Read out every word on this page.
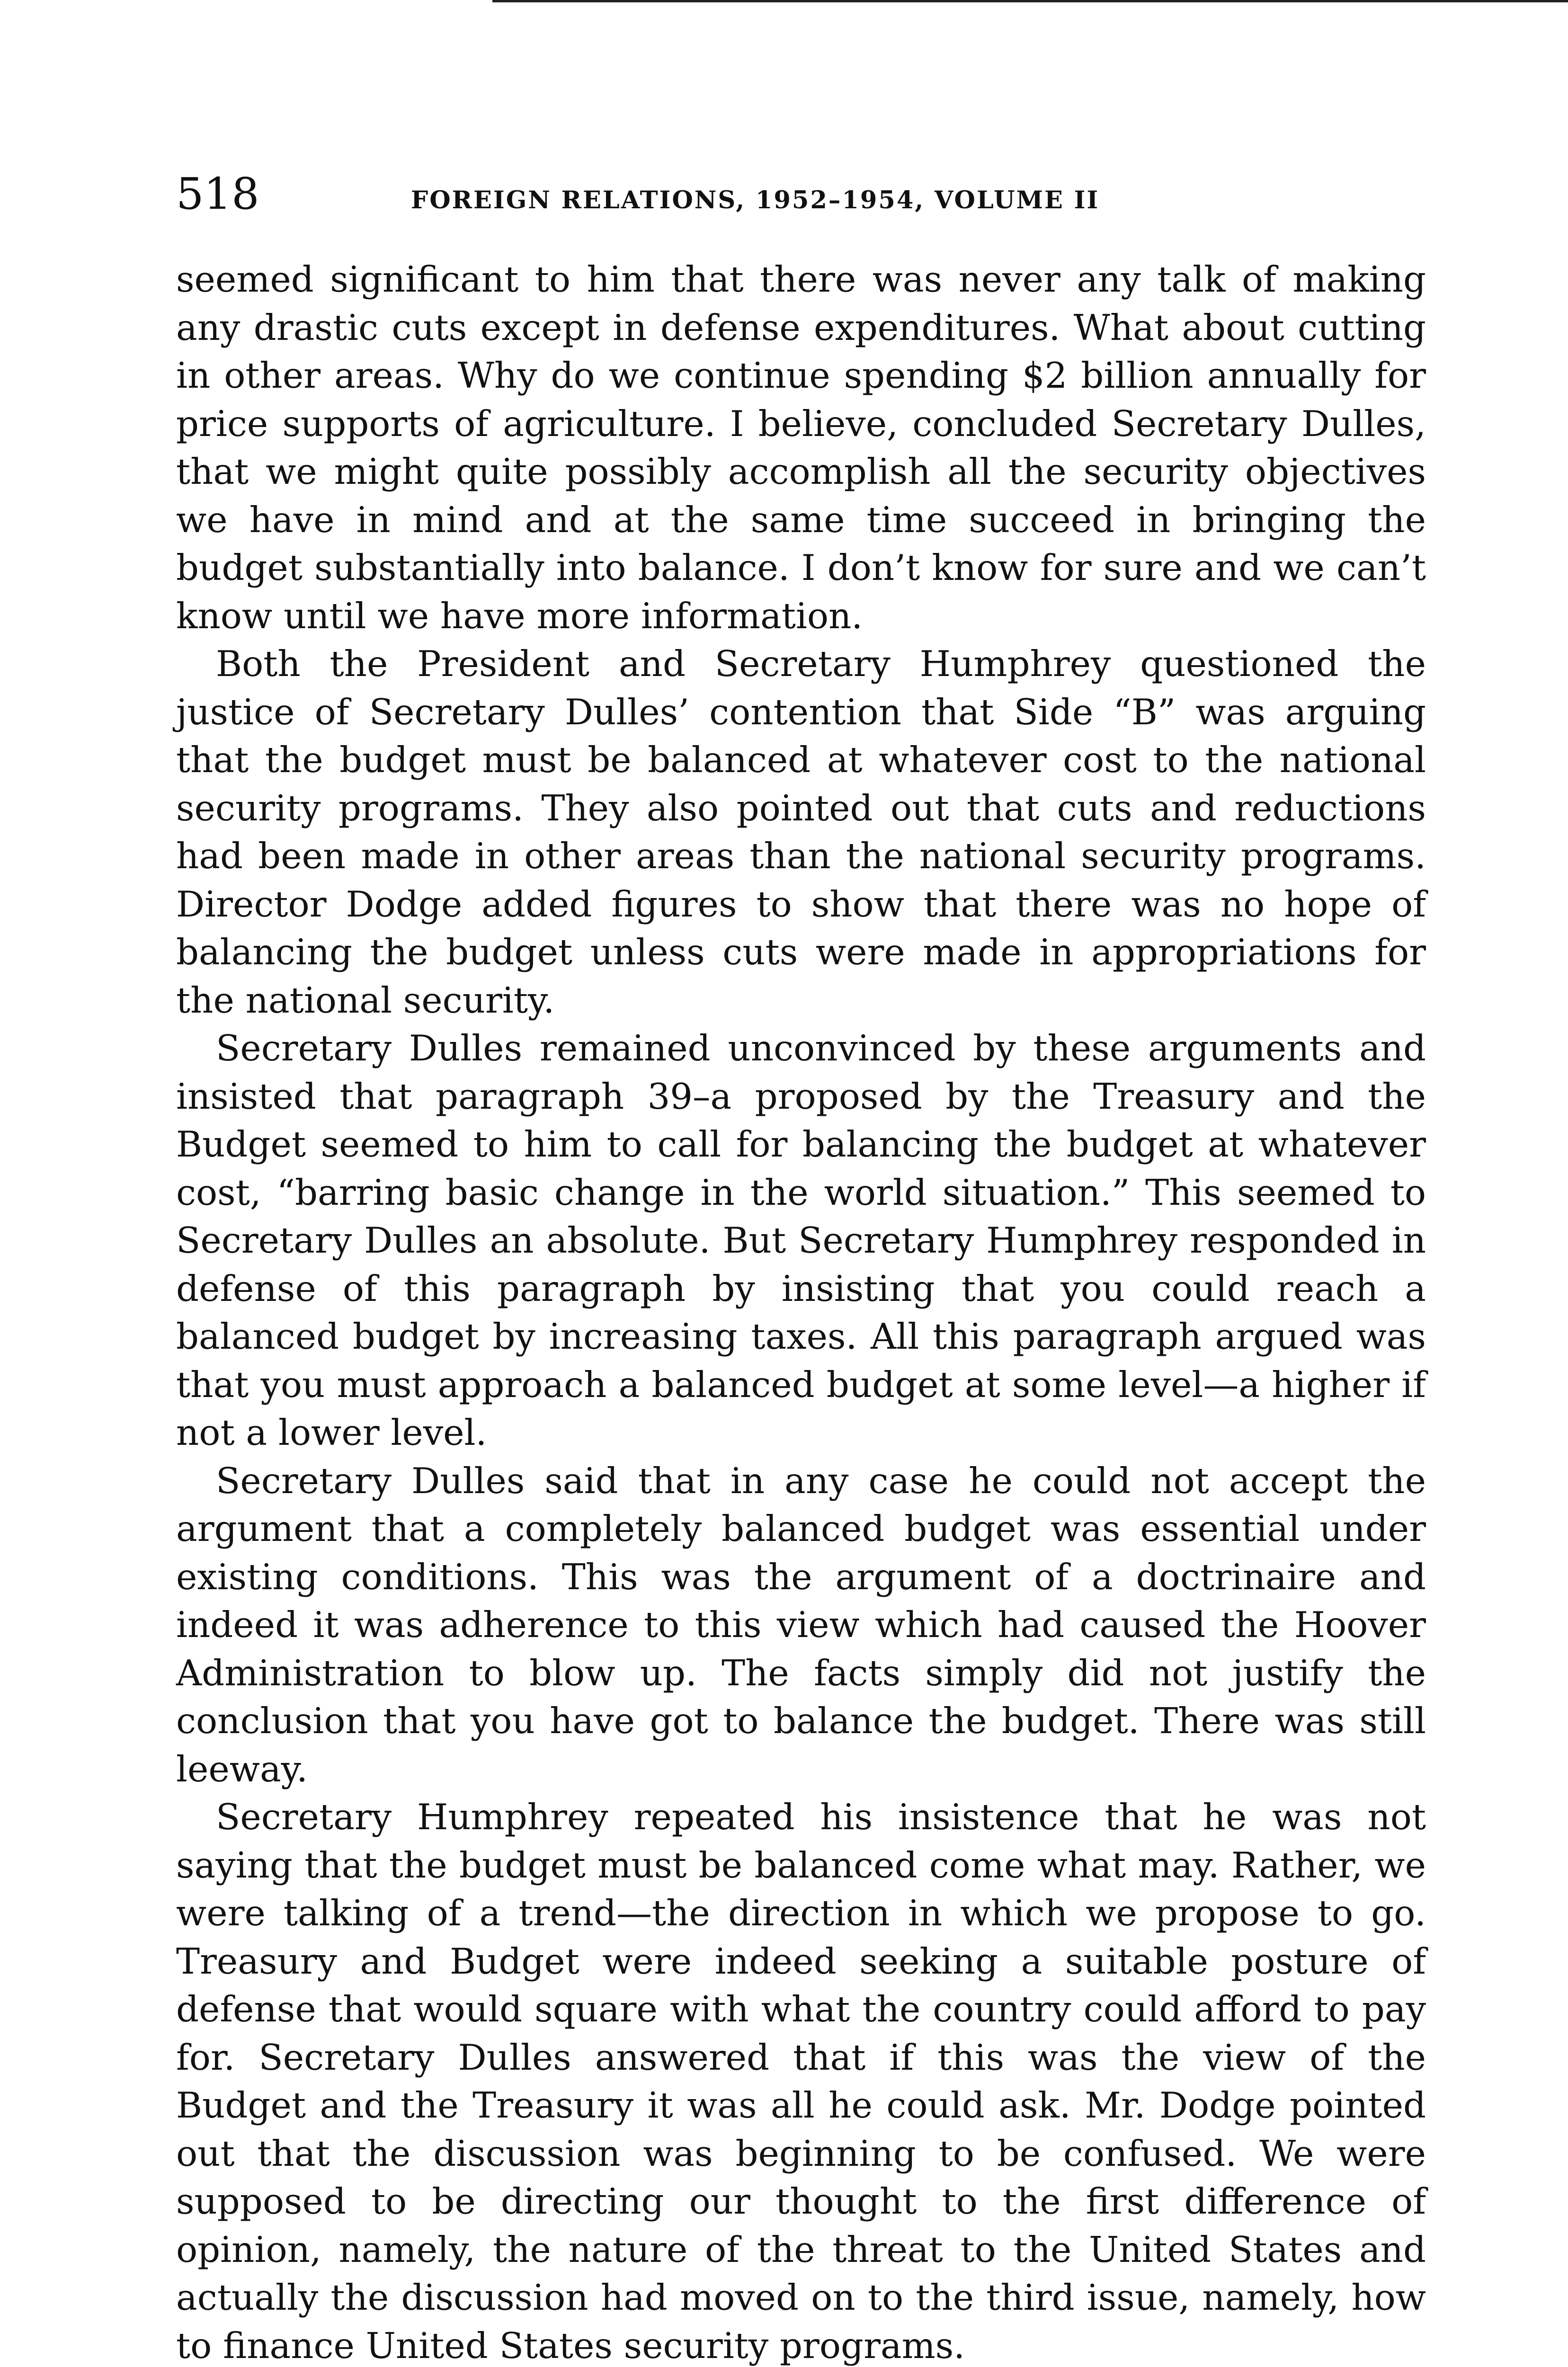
518	FOREIGN RELATIONS, 1952–1954, VOLUME II

seemed significant to him that there was never any talk of making any drastic cuts except in defense expenditures. What about cutting in other areas. Why do we continue spending $2 billion annually for price supports of agriculture. I believe, concluded Secretary Dulles, that we might quite possibly accomplish all the security objectives we have in mind and at the same time succeed in bringing the budget substantially into balance. I don’t know for sure and we can’t know until we have more information.

Both the President and Secretary Humphrey questioned the justice of Secretary Dulles’ contention that Side “B” was arguing that the budget must be balanced at whatever cost to the national security programs. They also pointed out that cuts and reductions had been made in other areas than the national security programs. Director Dodge added figures to show that there was no hope of balancing the budget unless cuts were made in appropriations for the national security.

Secretary Dulles remained unconvinced by these arguments and insisted that paragraph 39–a proposed by the Treasury and the Budget seemed to him to call for balancing the budget at whatever cost, “barring basic change in the world situation.” This seemed to Secretary Dulles an absolute. But Secretary Humphrey responded in defense of this paragraph by insisting that you could reach a balanced budget by increasing taxes. All this paragraph argued was that you must approach a balanced budget at some level—a higher if not a lower level.

Secretary Dulles said that in any case he could not accept the argument that a completely balanced budget was essential under existing conditions. This was the argument of a doctrinaire and indeed it was adherence to this view which had caused the Hoover Administration to blow up. The facts simply did not justify the conclusion that you have got to balance the budget. There was still leeway.

Secretary Humphrey repeated his insistence that he was not saying that the budget must be balanced come what may. Rather, we were talking of a trend—the direction in which we propose to go. Treasury and Budget were indeed seeking a suitable posture of defense that would square with what the country could afford to pay for. Secretary Dulles answered that if this was the view of the Budget and the Treasury it was all he could ask. Mr. Dodge pointed out that the discussion was beginning to be confused. We were supposed to be directing our thought to the first difference of opinion, namely, the nature of the threat to the United States and actually the discussion had moved on to the third issue, namely, how to finance United States security programs.
